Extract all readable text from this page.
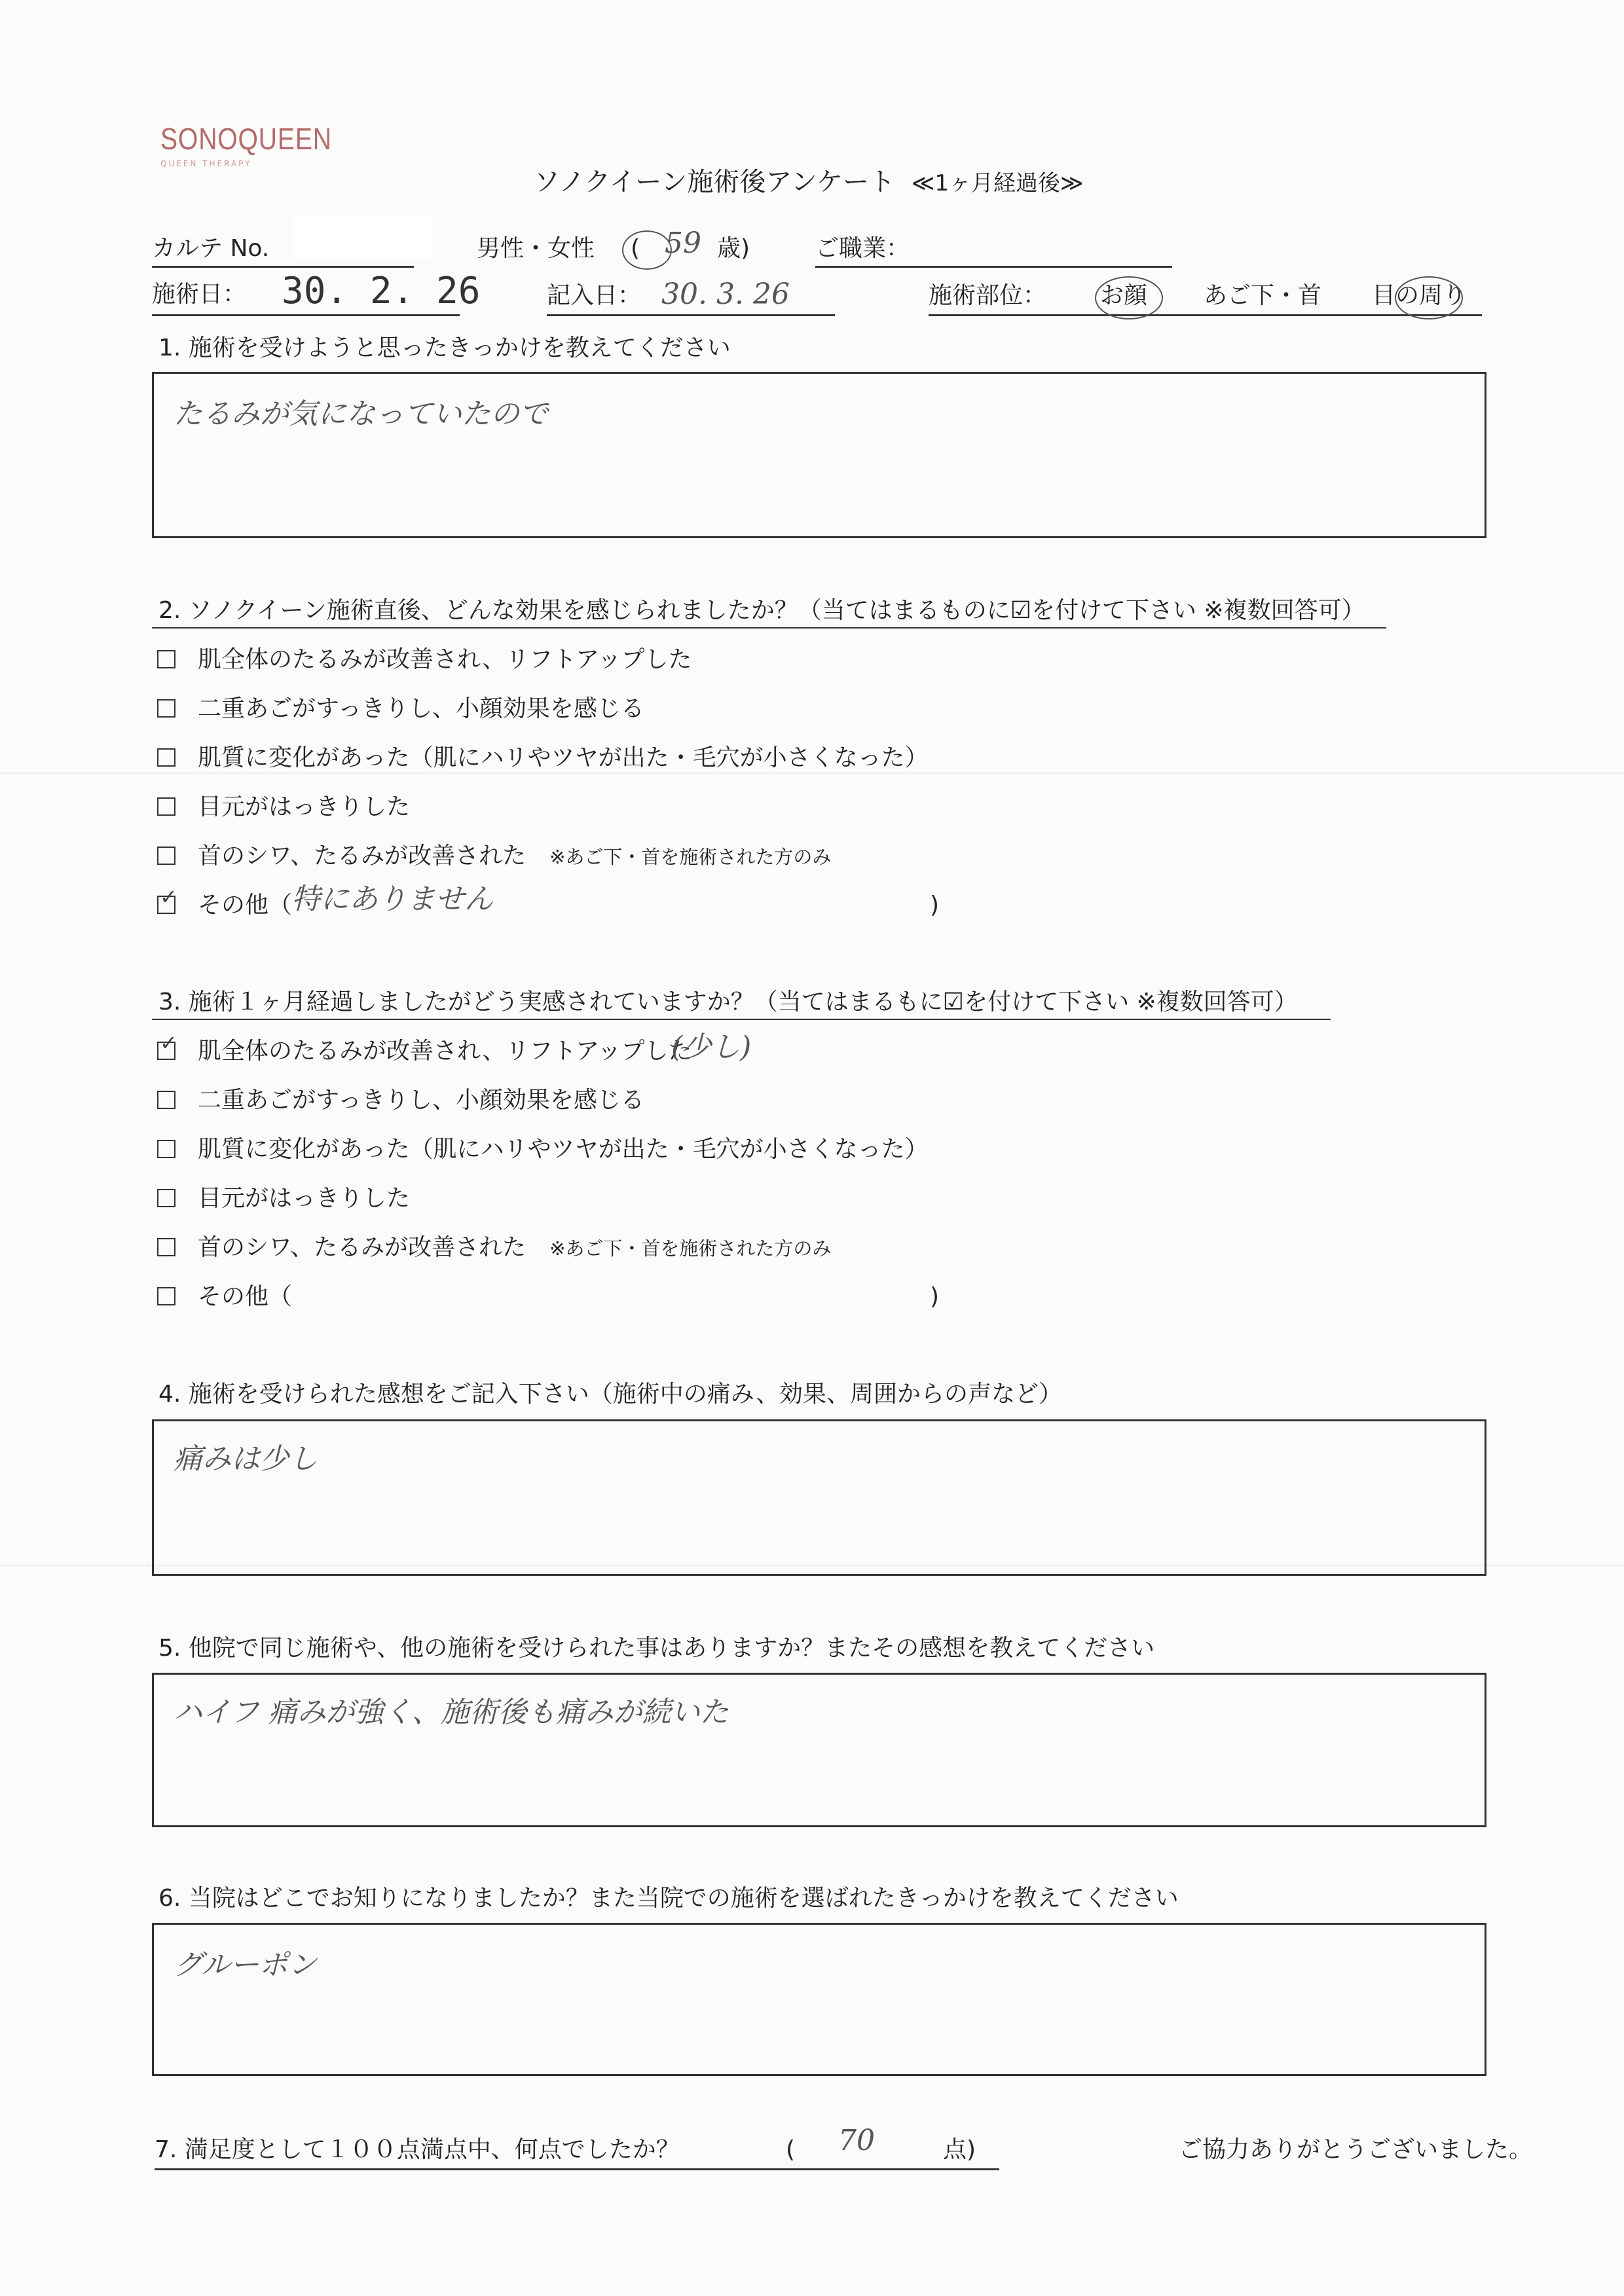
SONOQUEEN
QUEEN THERAPY
ソノクイーン施術後アンケート ≪1ヶ月経過後≫
カルテ No.	男性・女性 ( 59 歳)	ご職業：
施術日： 30. 2. 26	記入日： 30. 3. 26	施術部位：	お顔 あご下・首 目の周り
1. 施術を受けようと思ったきっかけを教えてください
たるみが気になっていたので
2. ソノクイーン施術直後、どんな効果を感じられましたか？（当てはまるものに☑を付けて下さい ※複数回答可）
肌全体のたるみが改善され、リフトアップした
二重あごがすっきりし、小顔効果を感じる
肌質に変化があった（肌にハリやツヤが出た・毛穴が小さくなった）
目元がはっきりした
首のシワ、たるみが改善された ※あご下・首を施術された方のみ
✓その他（
特にありません	)
3. 施術１ヶ月経過しましたがどう実感されていますか？（当てはまるもに☑を付けて下さい ※複数回答可）
✓肌全体のたるみが改善され、リフトアップした
(少し)
二重あごがすっきりし、小顔効果を感じる
肌質に変化があった（肌にハリやツヤが出た・毛穴が小さくなった）
目元がはっきりした
首のシワ、たるみが改善された ※あご下・首を施術された方のみ
その他（	)
4. 施術を受けられた感想をご記入下さい（施術中の痛み、効果、周囲からの声など）
痛みは少し
5. 他院で同じ施術や、他の施術を受けられた事はありますか？またその感想を教えてください
ハイフ 痛みが強く、施術後も痛みが続いた
6. 当院はどこでお知りになりましたか？また当院での施術を選ばれたきっかけを教えてください
グルーポン
7. 満足度として１００点満点中、何点でしたか？	( 70	点)	ご協力ありがとうございました。
